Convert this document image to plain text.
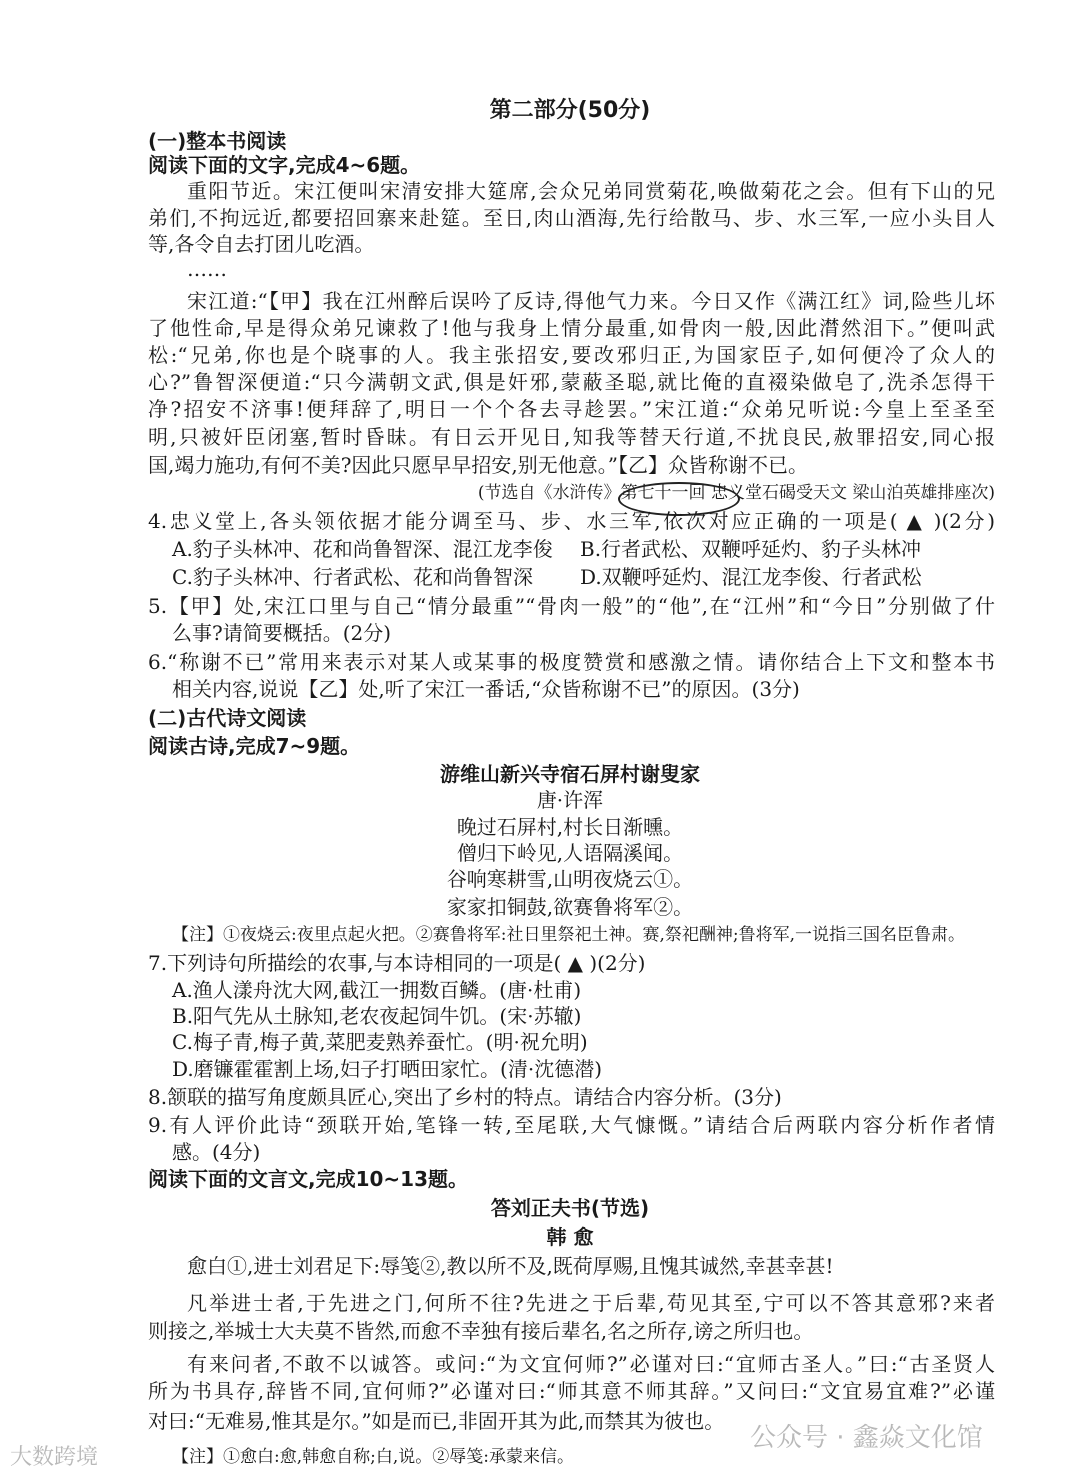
第二部分(50分)
(一)整本书阅读
阅读下面的文字,完成4~6题。
重阳节近。宋江便叫宋清安排大筵席,会众兄弟同赏菊花,唤做菊花之会。但有下山的兄
弟们,不拘远近,都要招回寨来赴筵。至日,肉山酒海,先行给散马、步、水三军,一应小头目人
等,各令自去打团儿吃酒。
……
宋江道:“【甲】我在江州醉后误吟了反诗,得他气力来。今日又作《满江红》词,险些儿坏
了他性命,早是得众弟兄谏救了!他与我身上情分最重,如骨肉一般,因此潸然泪下。”便叫武
松:“兄弟,你也是个晓事的人。我主张招安,要改邪归正,为国家臣子,如何便冷了众人的
心?”鲁智深便道:“只今满朝文武,俱是奸邪,蒙蔽圣聪,就比俺的直裰染做皂了,洗杀怎得干
净?招安不济事!便拜辞了,明日一个个各去寻趁罢。”宋江道:“众弟兄听说:今皇上至圣至
明,只被奸臣闭塞,暂时昏昧。有日云开见日,知我等替天行道,不扰良民,赦罪招安,同心报
国,竭力施功,有何不美?因此只愿早早招安,别无他意。”【乙】众皆称谢不已。
(节选自《水浒传》第七十一回 忠义堂石碣受天文 梁山泊英雄排座次)
4.忠义堂上,各头领依据才能分调至马、步、水三军,依次对应正确的一项是( ▲ )(2分)
A.豹子头林冲、花和尚鲁智深、混江龙李俊 B.行者武松、双鞭呼延灼、豹子头林冲
C.豹子头林冲、行者武松、花和尚鲁智深 D.双鞭呼延灼、混江龙李俊、行者武松
5.【甲】处,宋江口里与自己“情分最重”“骨肉一般”的“他”,在“江州”和“今日”分别做了什
么事?请简要概括。(2分)
6.“称谢不已”常用来表示对某人或某事的极度赞赏和感激之情。请你结合上下文和整本书
相关内容,说说【乙】处,听了宋江一番话,“众皆称谢不已”的原因。(3分)
(二)古代诗文阅读
阅读古诗,完成7~9题。
游维山新兴寺宿石屏村谢叟家
唐·许浑
晚过石屏村,村长日渐曛。
僧归下岭见,人语隔溪闻。
谷响寒耕雪,山明夜烧云①。
家家扣铜鼓,欲赛鲁将军②。
【注】①夜烧云:夜里点起火把。②赛鲁将军:社日里祭祀土神。赛,祭祀酬神;鲁将军,一说指三国名臣鲁肃。
7.下列诗句所描绘的农事,与本诗相同的一项是( ▲ )(2分)
A.渔人漾舟沈大网,截江一拥数百鳞。(唐·杜甫)
B.阳气先从土脉知,老农夜起饲牛饥。(宋·苏辙)
C.梅子青,梅子黄,菜肥麦熟养蚕忙。(明·祝允明)
D.磨镰霍霍割上场,妇子打晒田家忙。(清·沈德潜)
8.颔联的描写角度颇具匠心,突出了乡村的特点。请结合内容分析。(3分)
9.有人评价此诗“颈联开始,笔锋一转,至尾联,大气慷慨。”请结合后两联内容分析作者情
感。(4分)
阅读下面的文言文,完成10~13题。
答刘正夫书(节选)
韩 愈
愈白①,进士刘君足下:辱笺②,教以所不及,既荷厚赐,且愧其诚然,幸甚幸甚!
凡举进士者,于先进之门,何所不往?先进之于后辈,苟见其至,宁可以不答其意邪?来者
则接之,举城士大夫莫不皆然,而愈不幸独有接后辈名,名之所存,谤之所归也。
有来问者,不敢不以诚答。或问:“为文宜何师?”必谨对曰:“宜师古圣人。”曰:“古圣贤人
所为书具存,辞皆不同,宜何师?”必谨对曰:“师其意不师其辞。”又问曰:“文宜易宜难?”必谨
对曰:“无难易,惟其是尔。”如是而已,非固开其为此,而禁其为彼也。
【注】①愈白:愈,韩愈自称;白,说。②辱笺:承蒙来信。
大数跨境
公众号 · 鑫焱文化馆
